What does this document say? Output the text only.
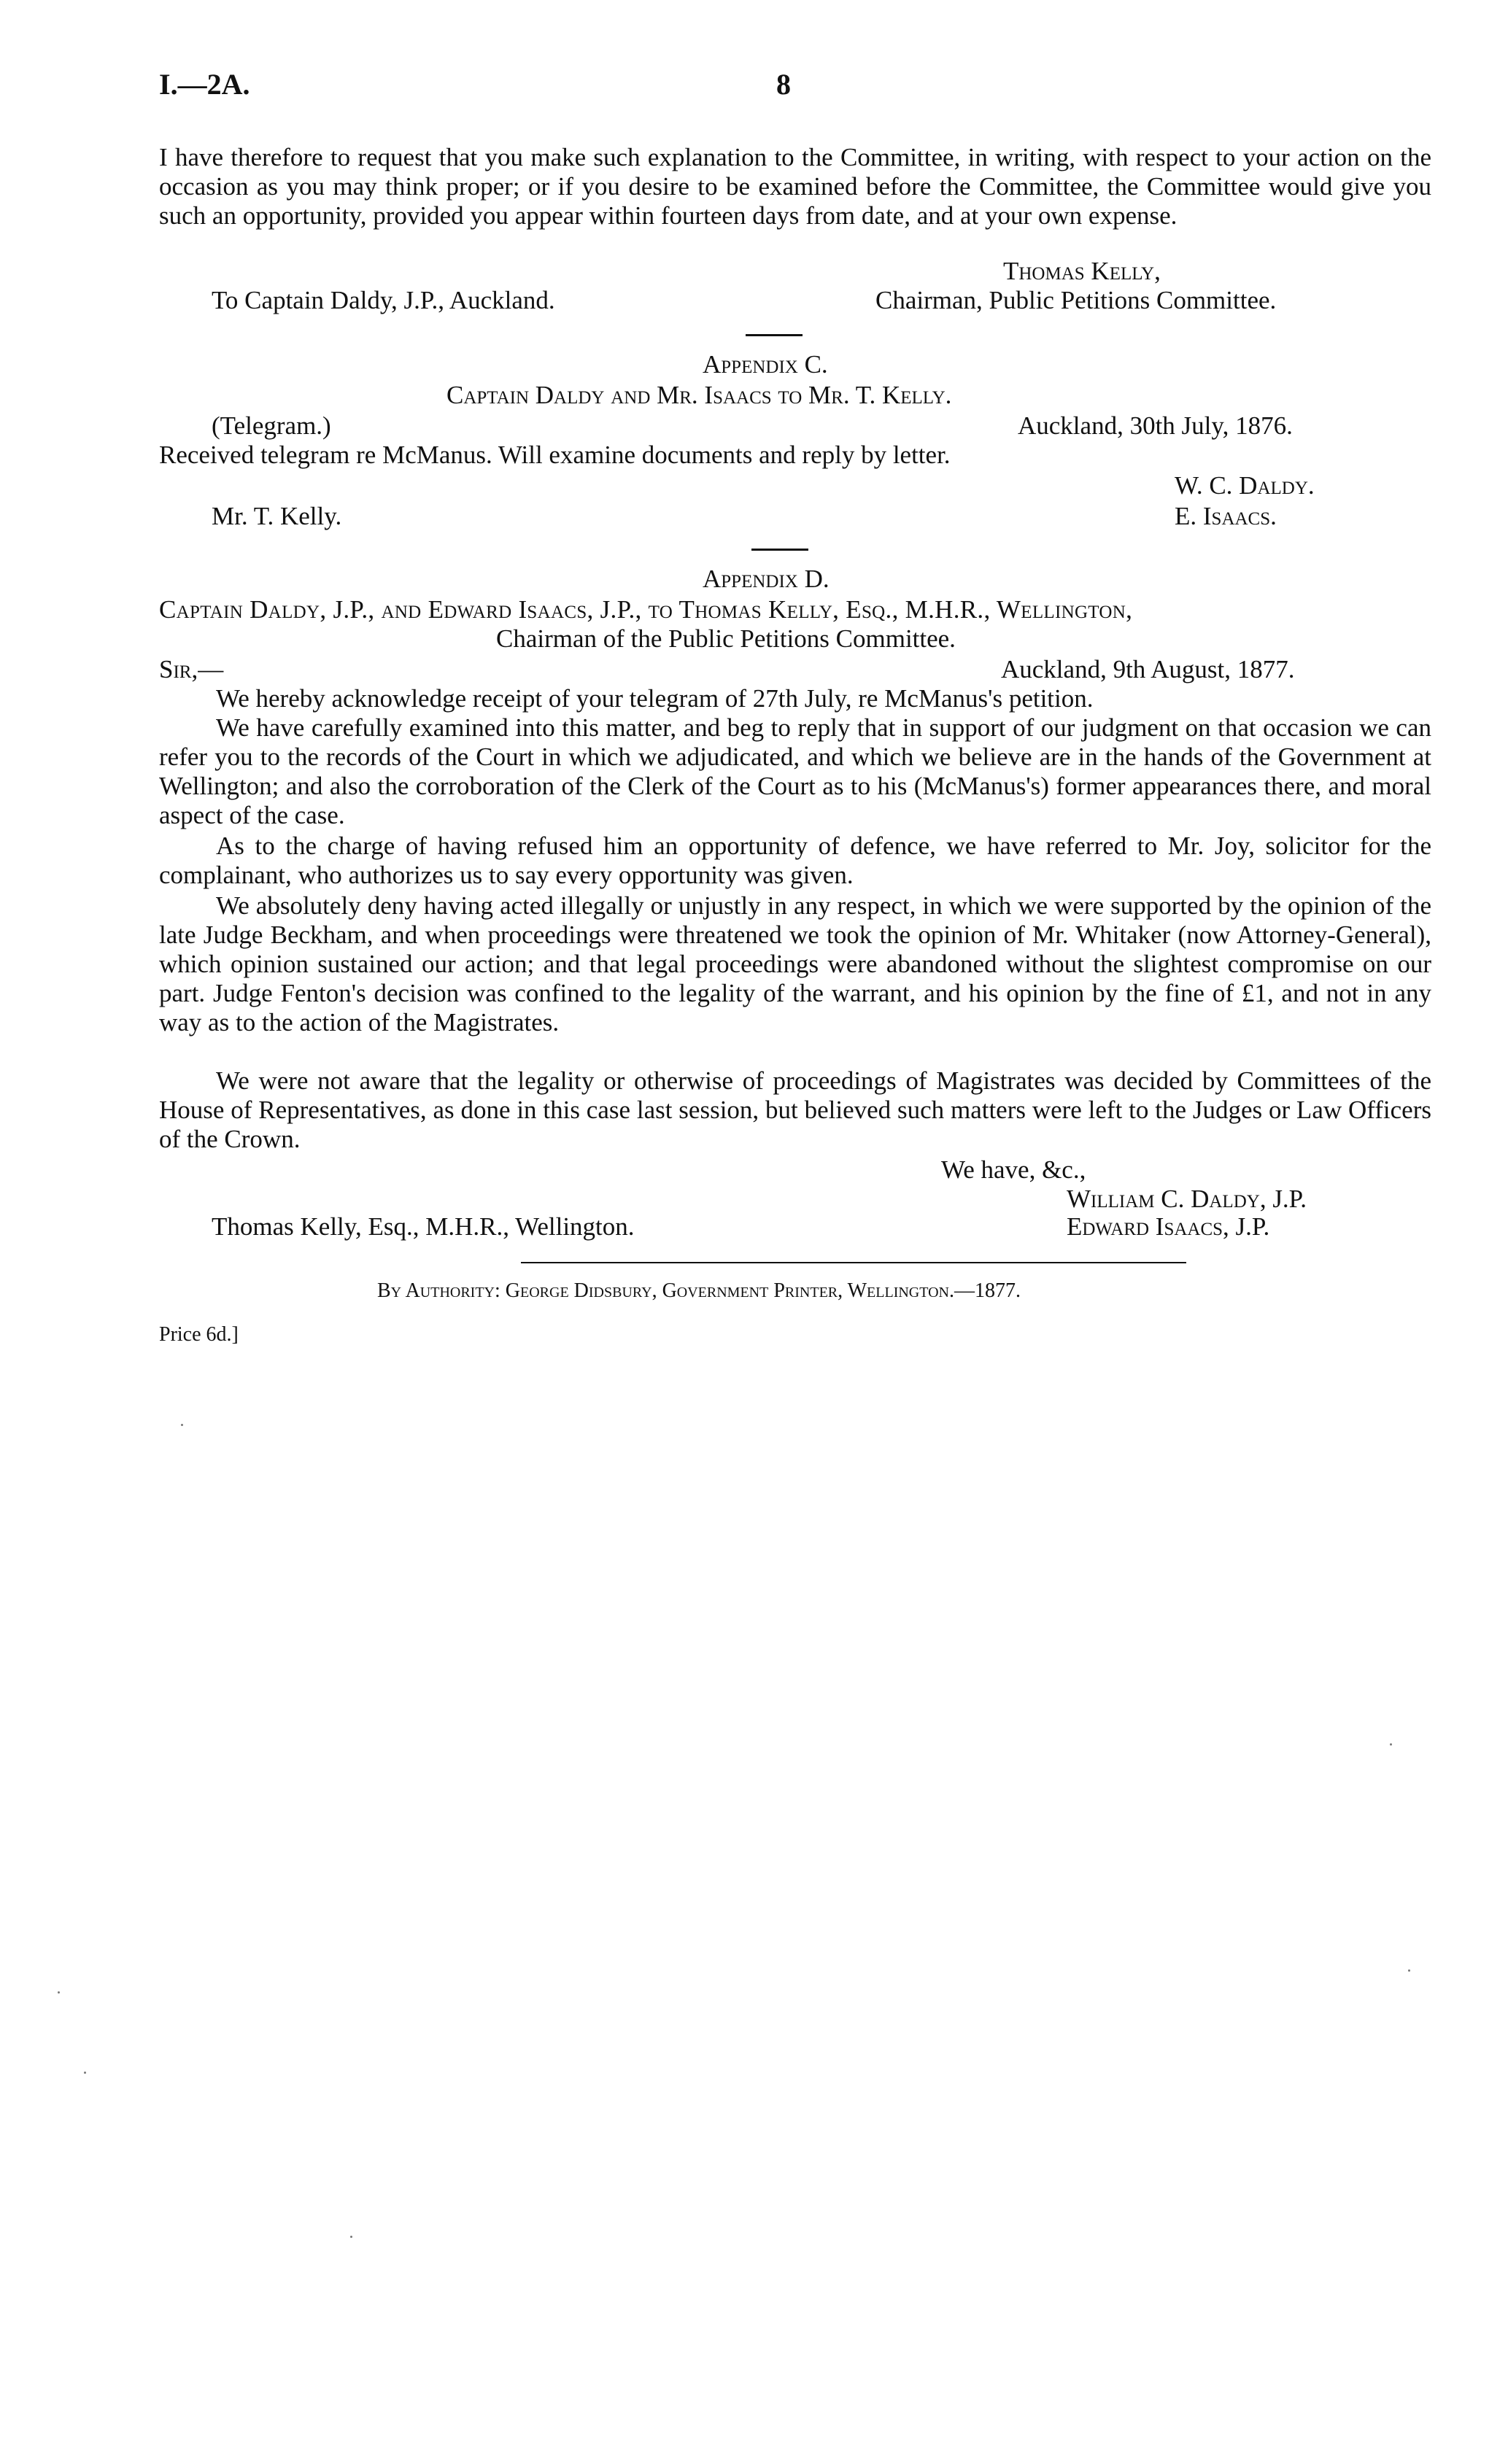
I.—2A.	8
I have therefore to request that you make such explanation to the Committee, in writing, with respect to your action on the occasion as you may think proper; or if you desire to be examined before the Committee, the Committee would give you such an opportunity, provided you appear within fourteen days from date, and at your own expense.
Thomas Kelly,
To Captain Daldy, J.P., Auckland.	Chairman, Public Petitions Committee.
Appendix C.
Captain Daldy and Mr. Isaacs to Mr. T. Kelly.
(Telegram.)	Auckland, 30th July, 1876.
Received telegram re McManus. Will examine documents and reply by letter.
W. C. Daldy.
Mr. T. Kelly.	E. Isaacs.
Appendix D.
Captain Daldy, J.P., and Edward Isaacs, J.P., to Thomas Kelly, Esq., M.H.R., Wellington,
Chairman of the Public Petitions Committee.
Sir,—	Auckland, 9th August, 1877.
We hereby acknowledge receipt of your telegram of 27th July, re McManus's petition.
We have carefully examined into this matter, and beg to reply that in support of our judgment on that occasion we can refer you to the records of the Court in which we adjudicated, and which we believe are in the hands of the Government at Wellington; and also the corroboration of the Clerk of the Court as to his (McManus's) former appearances there, and moral aspect of the case.
As to the charge of having refused him an opportunity of defence, we have referred to Mr. Joy, solicitor for the complainant, who authorizes us to say every opportunity was given.
We absolutely deny having acted illegally or unjustly in any respect, in which we were supported by the opinion of the late Judge Beckham, and when proceedings were threatened we took the opinion of Mr. Whitaker (now Attorney-General), which opinion sustained our action; and that legal proceedings were abandoned without the slightest compromise on our part. Judge Fenton's decision was confined to the legality of the warrant, and his opinion by the fine of £1, and not in any way as to the action of the Magistrates.
We were not aware that the legality or otherwise of proceedings of Magistrates was decided by Committees of the House of Representatives, as done in this case last session, but believed such matters were left to the Judges or Law Officers of the Crown.
We have, &c.,
William C. Daldy, J.P.
Thomas Kelly, Esq., M.H.R., Wellington.	Edward Isaacs, J.P.
By Authority: George Didsbury, Government Printer, Wellington.—1877.
Price 6d.]
